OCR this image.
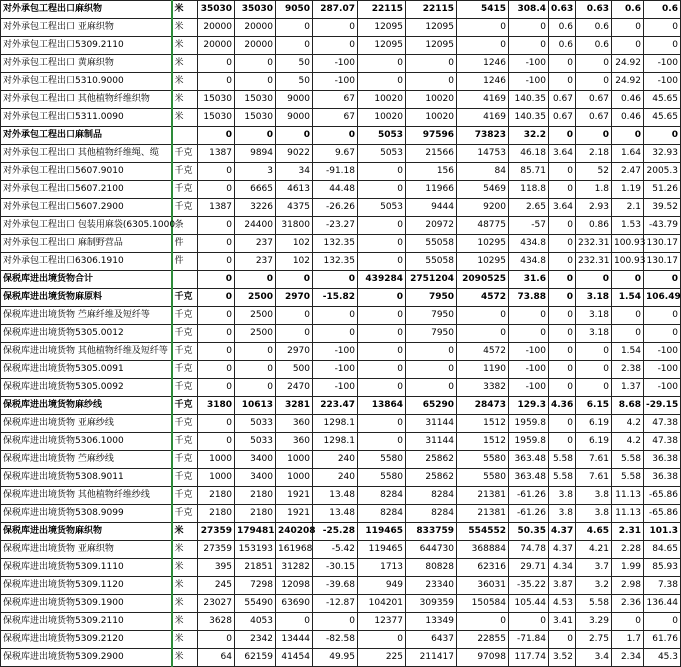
对外承包工程出口麻织物	米	35030	35030	9050	287.07	22115	22115	5415	308.4	0.63	0.63	0.6	0.6
对外承包工程出口 亚麻织物	米	20000	20000	0	0	12095	12095	0	0	0.6	0.6	0	0
对外承包工程出口5309.2110	米	20000	20000	0	0	12095	12095	0	0	0.6	0.6	0	0
对外承包工程出口 黄麻织物	米	0	0	50	-100	0	0	1246	-100	0	0	24.92	-100
对外承包工程出口5310.9000	米	0	0	50	-100	0	0	1246	-100	0	0	24.92	-100
对外承包工程出口 其他植物纤维织物	米	15030	15030	9000	67	10020	10020	4169	140.35	0.67	0.67	0.46	45.65
对外承包工程出口5311.0090	米	15030	15030	9000	67	10020	10020	4169	140.35	0.67	0.67	0.46	45.65
对外承包工程出口麻制品		0	0	0	0	5053	97596	73823	32.2	0	0	0	0
对外承包工程出口 其他植物纤维绳、缆	千克	1387	9894	9022	9.67	5053	21566	14753	46.18	3.64	2.18	1.64	32.93
对外承包工程出口5607.9010	千克	0	3	34	-91.18	0	156	84	85.71	0	52	2.47	2005.3
对外承包工程出口5607.2100	千克	0	6665	4613	44.48	0	11966	5469	118.8	0	1.8	1.19	51.26
对外承包工程出口5607.2900	千克	1387	3226	4375	-26.26	5053	9444	9200	2.65	3.64	2.93	2.1	39.52
对外承包工程出口 包装用麻袋(6305.1000	条	0	24400	31800	-23.27	0	20972	48775	-57	0	0.86	1.53	-43.79
对外承包工程出口 麻制野营品	件	0	237	102	132.35	0	55058	10295	434.8	0	232.31	100.93	130.17
对外承包工程出口6306.1910	件	0	237	102	132.35	0	55058	10295	434.8	0	232.31	100.93	130.17
保税库进出境货物合计		0	0	0	0	439284	2751204	2090525	31.6	0	0	0	0
保税库进出境货物麻原料	千克	0	2500	2970	-15.82	0	7950	4572	73.88	0	3.18	1.54	106.49
保税库进出境货物 苎麻纤维及短纤等	千克	0	2500	0	0	0	7950	0	0	0	3.18	0	0
保税库进出境货物5305.0012	千克	0	2500	0	0	0	7950	0	0	0	3.18	0	0
保税库进出境货物 其他植物纤维及短纤等	千克	0	0	2970	-100	0	0	4572	-100	0	0	1.54	-100
保税库进出境货物5305.0091	千克	0	0	500	-100	0	0	1190	-100	0	0	2.38	-100
保税库进出境货物5305.0092	千克	0	0	2470	-100	0	0	3382	-100	0	0	1.37	-100
保税库进出境货物麻纱线	千克	3180	10613	3281	223.47	13864	65290	28473	129.3	4.36	6.15	8.68	-29.15
保税库进出境货物 亚麻纱线	千克	0	5033	360	1298.1	0	31144	1512	1959.8	0	6.19	4.2	47.38
保税库进出境货物5306.1000	千克	0	5033	360	1298.1	0	31144	1512	1959.8	0	6.19	4.2	47.38
保税库进出境货物 苎麻纱线	千克	1000	3400	1000	240	5580	25862	5580	363.48	5.58	7.61	5.58	36.38
保税库进出境货物5308.9011	千克	1000	3400	1000	240	5580	25862	5580	363.48	5.58	7.61	5.58	36.38
保税库进出境货物 其他植物纤维纱线	千克	2180	2180	1921	13.48	8284	8284	21381	-61.26	3.8	3.8	11.13	-65.86
保税库进出境货物5308.9099	千克	2180	2180	1921	13.48	8284	8284	21381	-61.26	3.8	3.8	11.13	-65.86
保税库进出境货物麻织物	米	27359	179481	240208	-25.28	119465	833759	554552	50.35	4.37	4.65	2.31	101.3
保税库进出境货物 亚麻织物	米	27359	153193	161968	-5.42	119465	644730	368884	74.78	4.37	4.21	2.28	84.65
保税库进出境货物5309.1110	米	395	21851	31282	-30.15	1713	80828	62316	29.71	4.34	3.7	1.99	85.93
保税库进出境货物5309.1120	米	245	7298	12098	-39.68	949	23340	36031	-35.22	3.87	3.2	2.98	7.38
保税库进出境货物5309.1900	米	23027	55490	63690	-12.87	104201	309359	150584	105.44	4.53	5.58	2.36	136.44
保税库进出境货物5309.2110	米	3628	4053	0	0	12377	13349	0	0	3.41	3.29	0	0
保税库进出境货物5309.2120	米	0	2342	13444	-82.58	0	6437	22855	-71.84	0	2.75	1.7	61.76
保税库进出境货物5309.2900	米	64	62159	41454	49.95	225	211417	97098	117.74	3.52	3.4	2.34	45.3
